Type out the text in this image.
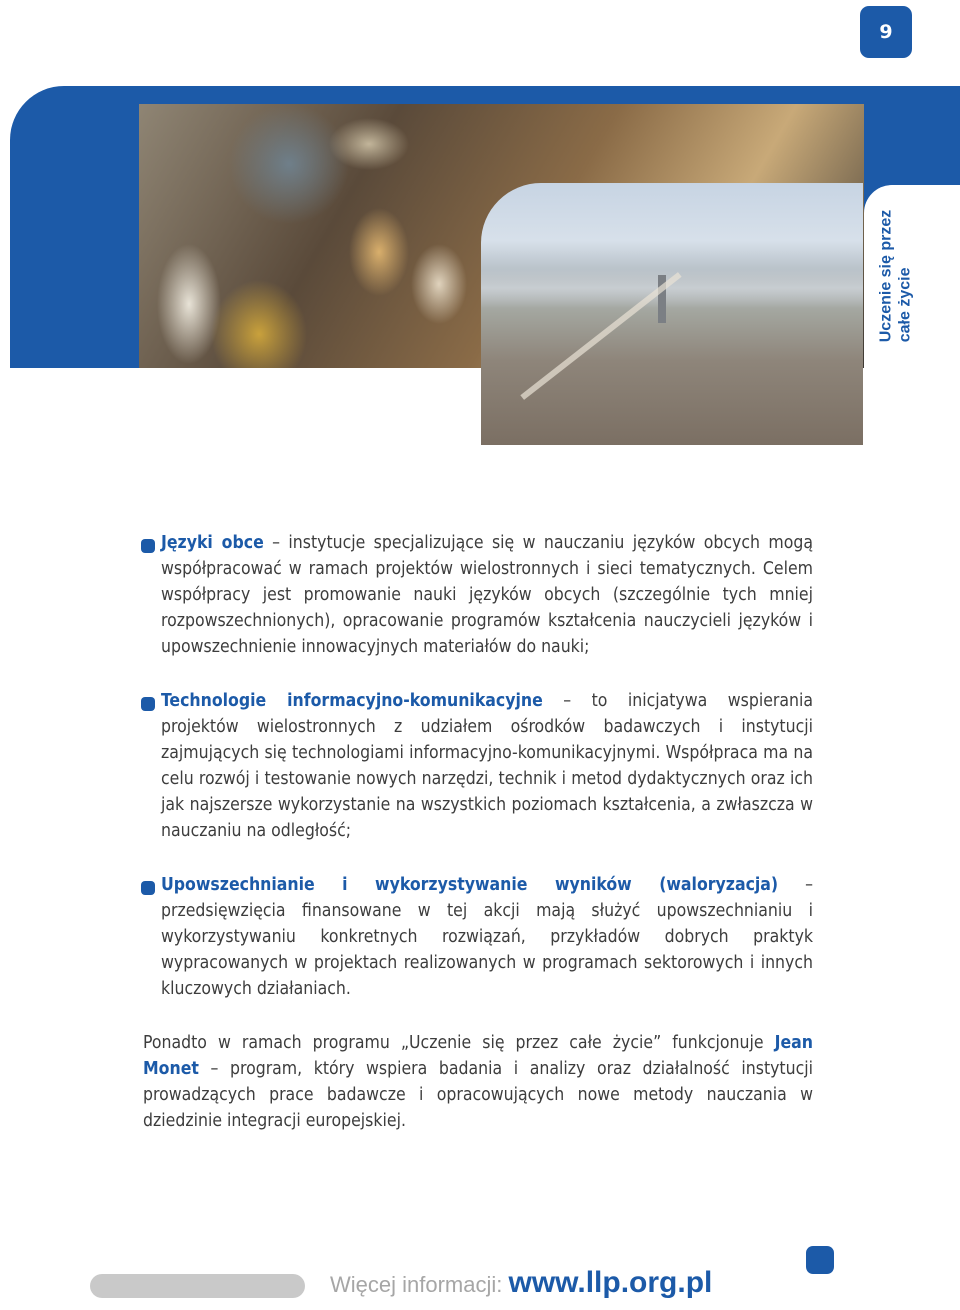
9
Uczenie się przez całe życie

Języki obce – instytucje specjalizujące się w nauczaniu języków obcych mogą współpracować w ramach projektów wielostronnych i sieci tematycznych. Celem współpracy jest promowanie nauki języków obcych (szczególnie tych mniej rozpowszechnionych), opracowanie programów kształcenia nauczycieli języków i upowszechnienie innowacyjnych materiałów do nauki;

Technologie informacyjno-komunikacyjne – to inicjatywa wspierania projektów wielostronnych z udziałem ośrodków badawczych i instytucji zajmujących się technologiami informacyjno-komunikacyjnymi. Współpraca ma na celu rozwój i testowanie nowych narzędzi, technik i metod dydaktycznych oraz ich jak najszersze wykorzystanie na wszystkich poziomach kształcenia, a zwłaszcza w nauczaniu na odległość;

Upowszechnianie i wykorzystywanie wyników (waloryzacja) – przedsięwzięcia finansowane w tej akcji mają służyć upowszechnianiu i wykorzystywaniu konkretnych rozwiązań, przykładów dobrych praktyk wypracowanych w projektach realizowanych w programach sektorowych i innych kluczowych działaniach.

Ponadto w ramach programu „Uczenie się przez całe życie” funkcjonuje Jean Monet – program, który wspiera badania i analizy oraz działalność instytucji prowadzących prace badawcze i opracowujących nowe metody nauczania w dziedzinie integracji europejskiej.

Więcej informacji: www.llp.org.pl
